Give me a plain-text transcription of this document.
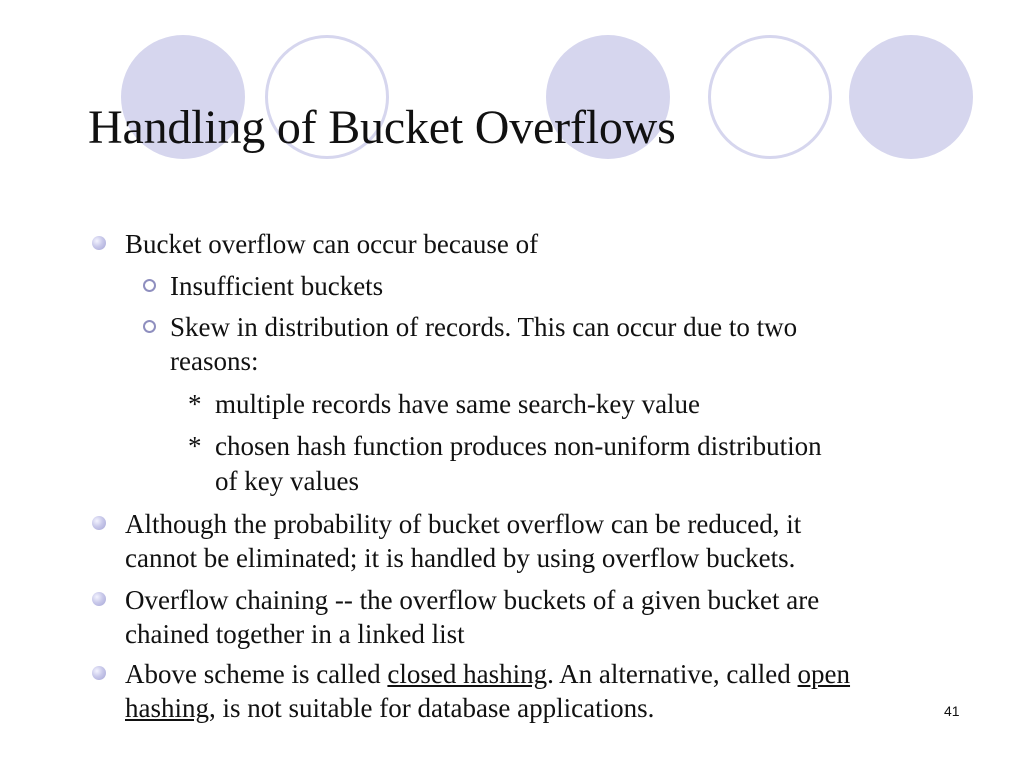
Handling of Bucket Overflows
Bucket overflow can occur because of
Insufficient buckets
Skew in distribution of records. This can occur due to two
reasons:
* multiple records have same search-key value
* chosen hash function produces non-uniform distribution
of key values
Although the probability of bucket overflow can be reduced, it
cannot be eliminated; it is handled by using overflow buckets.
Overflow chaining -- the overflow buckets of a given bucket are
chained together in a linked list
Above scheme is called closed hashing. An alternative, called open
hashing, is not suitable for database applications.	41
